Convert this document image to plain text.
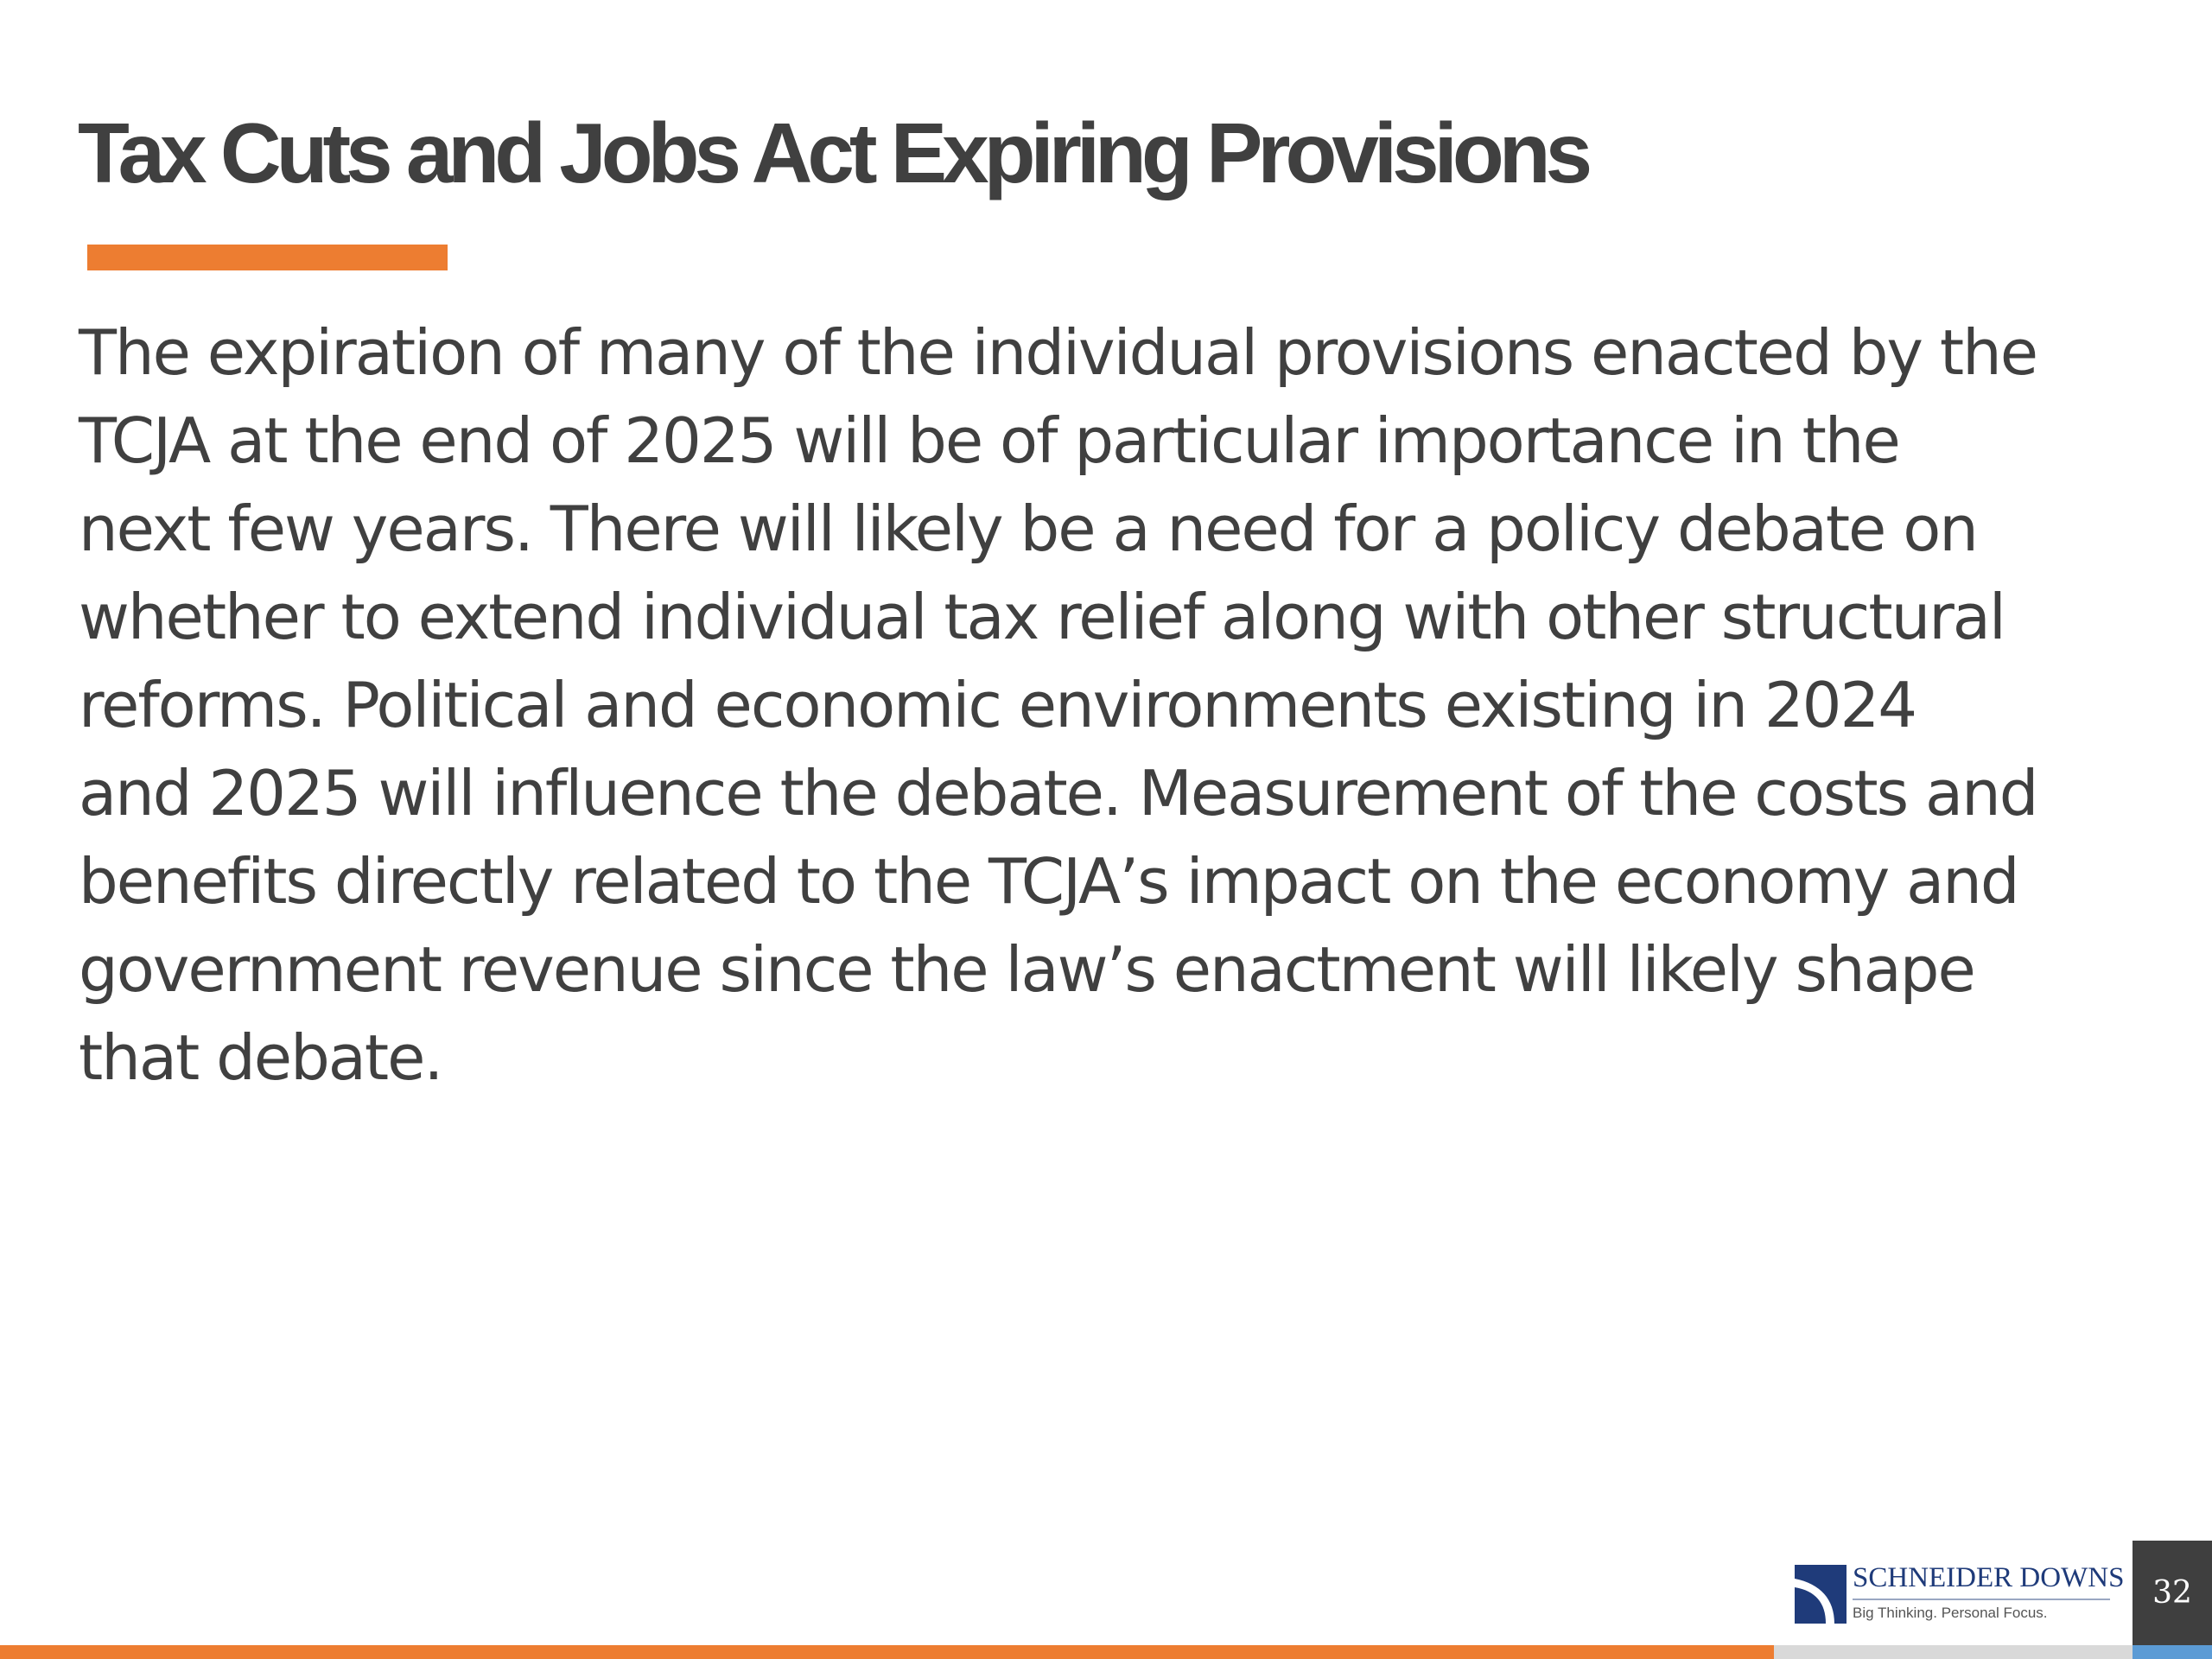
Tax Cuts and Jobs Act Expiring Provisions

The expiration of many of the individual provisions enacted by the
TCJA at the end of 2025 will be of particular importance in the
next few years. There will likely be a need for a policy debate on
whether to extend individual tax relief along with other structural
reforms. Political and economic environments existing in 2024
and 2025 will influence the debate. Measurement of the costs and
benefits directly related to the TCJA’s impact on the economy and
government revenue since the law’s enactment will likely shape
that debate.

SCHNEIDER DOWNS
Big Thinking. Personal Focus.
32
